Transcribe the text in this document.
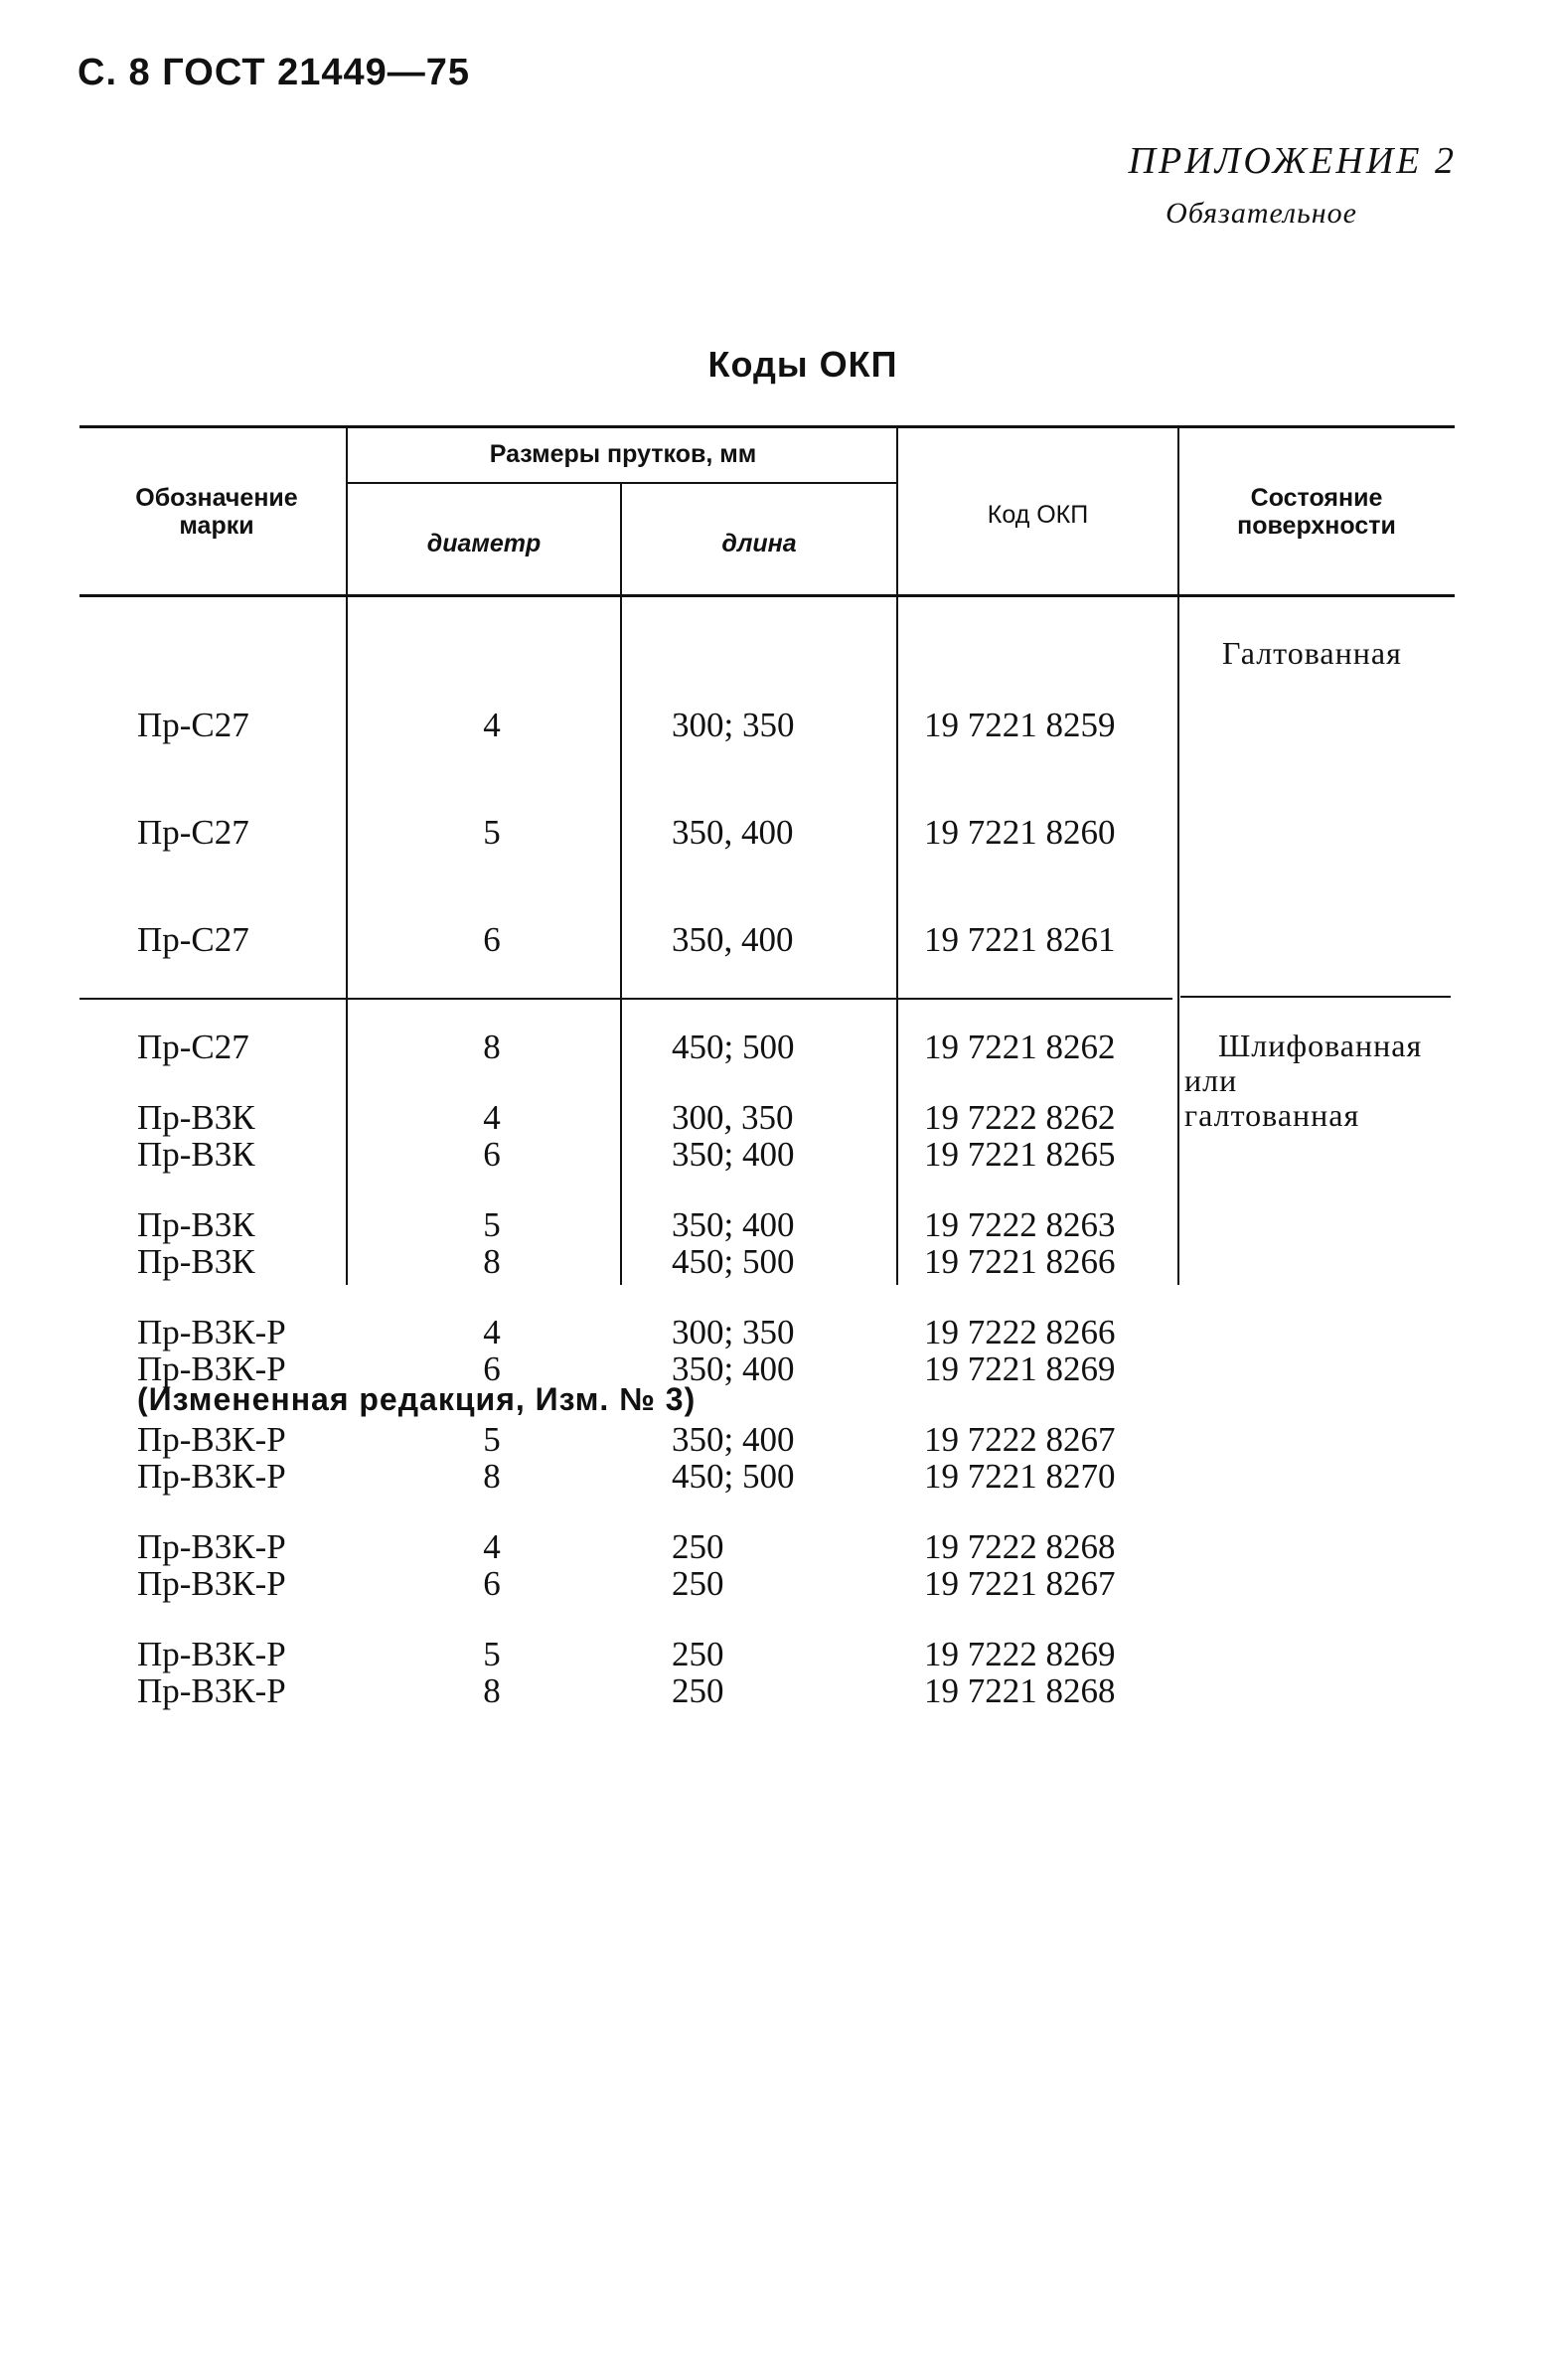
С. 8 ГОСТ 21449—75
ПРИЛОЖЕНИЕ 2
Обязательное
Коды ОКП
Обозначение марки
Размеры прутков, мм
диаметр	длина
Код ОКП
Состояние поверхности

Пр-С27

Пр-С27

Пр-С27

Пр-С27

Пр-В3К

Пр-В3К

Пр-В3К-Р

Пр-В3К-Р

Пр-В3К-Р

Пр-В3К-Р

4

5

6

8

6

8

6

8

6

8

300; 350

350, 400

350, 400

450; 500

350; 400

450; 500

350; 400

450; 500

250

250

19 7221 8259

19 7221 8260

19 7221 8261

19 7221 8262

19 7221 8265

19 7221 8266

19 7221 8269

19 7221 8270

19 7221 8267

19 7221 8268

Галтованная

Пр-В3К

Пр-В3К

Пр-В3К-Р

Пр-В3К-Р

Пр-В3К-Р

Пр-В3К-Р

4

5

4

5

4

5

300, 350

350; 400

300; 350

350; 400

250

250

19 7222 8262

19 7222 8263

19 7222 8266

19 7222 8267

19 7222 8268

19 7222 8269

Шлифованная
или
галтованная
(Измененная редакция, Изм. № 3)
